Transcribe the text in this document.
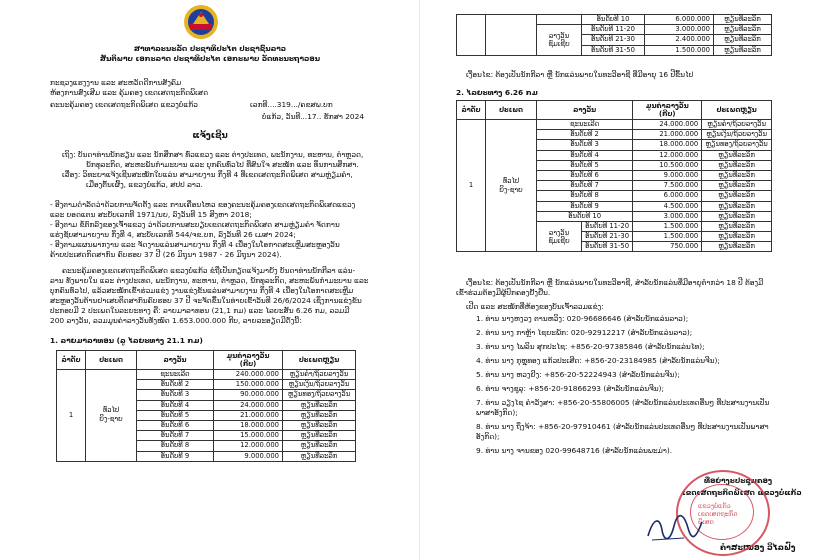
ສາທາລະນະລັດ ປະຊາທິປະໄຕ ປະຊາຊົນລາວ
ສັນຕິພາບ ເອກະລາດ ປະຊາທິປະໄຕ ເອກະພາບ ວັດທະນະຖາວອນ
ກະຊວງແຮງງານ ແລະ ສະຫວັດດີການສັງຄົມ
ຫ້ອງການສົ່ງເສີມ ແລະ ຄຸ້ມຄອງ ເຂດເສດຖະກິດພິເສດ
ຄະນະຄຸ້ມຄອງ ເຂດເສດຖະກິດພິເສດ ແຂວງບໍ່ແກ້ວ	ເລກທີ....319.../ຄຂສພ.ບກ
ບໍ່ແກ້ວ, ວັນທີ...17.. ຮັກສາ 2024
ແຈ້ງເຊີນ
ເຖິງ: ບັນດາທ່ານນັກຮຽນ ແລະ ນັກສຶກສາ ທົ່ວແຂວງ ແລະ ຕ່າງປະເທດ, ພະນັກງານ, ທະຫານ, ຕຳຫຼວດ,
ນັກທຸລະກິດ, ສະຫະພັນກຳມະບານ ແລະ ບຸກຄົນທົ່ວໄປ ທີ່ສົນໃຈ ສະໝັກ ແລະ ທຶນການສຶກສາ.
ເລື່ອງ: ວິທະຍາແຈ້ງເຊີນສະໝັກໃບແລ່ນ ສາມາຍງານ ກິ່ງທີ 4 ທີ່ເຂດເສດຖະກິດພິເສດ ສາມຫຼ່ຽມຄຳ,
ເມືອງຕົ້ນເຜິ້ງ, ແຂວງບໍ່ແກ້ວ, ສປປ ລາວ.
- ອີງຕາມດຳລັດວ່າດ້ວຍການຈັດຕັ້ງ ແລະ ການເຄື່ອນໄຫວ ຂອງຄະນະຄຸ້ມຄອງເຂດເສດຖະກິດພິເສດແຂວງ
ແລະ ບອດແຕນ ສະບັບເລກທີ 1971/ນຍ, ລົງວັນທີ 15 ສິງຫາ 2018;
- ອີງຕາມ ຂໍ້ຕົກລົງຂອງເຈົ້າແຂວງ ວ່າດ້ວຍການສະບຽບເຂດເສດຖະກິດພິເສດ ສາມຫຼ່ຽມຄຳ ຈັດການ
ແຮ່ງຊັບສາມາຍງານ ກິ່ງທີ 4, ສະບັບເລກທີ 544/ຈຂ.ບກ, ລົງວັນທີ 26 ເມສາ 2024;
- ອີງຕາມແຜນພາກງານ ແລະ ຈັດງານແລ່ນສາມາຍງານ ກິ່ງທີ 4 ເນື່ອງໃນໂອກາດສະເຫຼີມສະຫຼອງວັນ
ຄ້າຍປະເສດກິດສາກົນ ຄົບຮອບ 37 ປີ (26 ມິຖຸນາ 1987 - 26 ມິຖຸນາ 2024).
ຄະນະຄຸ້ມຄອງເຂດເສດຖະກິດພິເສດ ແຂວງບໍ່ແກ້ວ ຂໍຖືເປັນກຽດແຈ້ງມາຍັງ ບັນດາທ່ານນັກກີລາ ແລ່ນ-
ລານ ທັງພາຍໃນ ແລະ ຕ່າງປະເທດ, ພະນັກງານ, ທະຫານ, ຕຳຫຼວດ, ນັກທຸລະກິດ, ສະຫະພັນກຳມະບານ ແລະ
ບຸກຄົນທົ່ວໄປ, ແລ້ວສະໝັກເຂົ້າຮ່ວມແຂ່ງ ງານແຂ່ງຂັນແລ່ນສາມາຍງານ ກິ່ງທີ 4 ເນື່ອງໃນໂອກາດສະເຫຼີມ
ສະຫຼອງວັນຕ້ານຢາເສບຕິດສາກົນຄົບຮອບ 37 ປີ ຈະຈັດຂຶ້ນໃນທ່າຍເຂົ້າວັນທີ 26/6/2024 ເຊິ່ງການແຂ່ງຂັນ
ປະກອບມີ 2 ປະເພດໃນລະຍະທາງ ຄື: ລາຍມາລາທອນ (21,1 ກມ) ແລະ ໄລຍະສັ້ນ 6.26 ກມ, ລວມມີ
200 ລາງວັນ, ລວມມູນຄ່າລາງວັນທັງໝົດ 1.653.000.000 ກີບ, ລາຍລະອຽດມີດັ່ງນີ້:
1. ລາຍມາລາທອນ (ລູ ໄລຍະທາງ 21.1 ກມ)
ລຳດັບ	ປະເພດ	ລາງວັນ	ມູນຄ່າລາງວັນ
(ກີບ)	ປະເພດຫຼຽນ
1	ທົ່ວໄປ
ຍິງ-ຊາຍ	ຊະນະເລີດ	240.000.000	ຫຼຽນຄຳ/ຖ້ວຍລາງວັນ
		ອັນດັບທີ 2	150.000.000	ຫຼຽນເງິນ/ຖ້ວຍລາງວັນ
		ອັນດັບທີ 3	90.000.000	ຫຼຽນທອງ/ຖ້ວຍລາງວັນ
		ອັນດັບທີ 4	24.000.000	ຫຼຽນທີ່ລະລຶກ
		ອັນດັບທີ 5	21.000.000	ຫຼຽນທີ່ລະລຶກ
		ອັນດັບທີ 6	18.000.000	ຫຼຽນທີ່ລະລຶກ
		ອັນດັບທີ 7	15.000.000	ຫຼຽນທີ່ລະລຶກ
		ອັນດັບທີ 8	12.000.000	ຫຼຽນທີ່ລະລຶກ
		ອັນດັບທີ 9	9.000.000	ຫຼຽນທີ່ລະລຶກ
			ອັນດັບທີ 10	6.000.000	ຫຼຽນທີ່ລະລຶກ
		ລາງວັນ
ຊົມເຊີຍ	ອັນດັບທີ 11-20	3.000.000	ຫຼຽນທີ່ລະລຶກ
			ອັນດັບທີ 21-30	2.400.000	ຫຼຽນທີ່ລະລຶກ
			ອັນດັບທີ 31-50	1.500.000	ຫຼຽນທີ່ລະລຶກ
ເງື່ອນໄຂ: ຕ້ອງເປັນນັກກີລາ ຫຼື ນັກແລ່ນພາຍໃນທະວີອາຊີ ທີ່ມີອາຍຸ 16 ປີຂຶ້ນໄປ
2. ໄລຍະທາງ 6.26 ກມ
ລຳດັບ	ປະເພດ	ລາງວັນ		ມູນຄ່າລາງວັນ
(ກີບ)	ປະເພດຫຼຽນ
1	ທົ່ວໄປ
ຍິງ-ຊາຍ	ຊະນະເລີດ		24.000.000	ຫຼຽນຄຳ/ຖ້ວຍລາງວັນ
		ອັນດັບທີ 2		21.000.000	ຫຼຽນເງິນ/ຖ້ວຍລາງວັນ
		ອັນດັບທີ 3		18.000.000	ຫຼຽນທອງ/ຖ້ວຍລາງວັນ
		ອັນດັບທີ 4		12.000.000	ຫຼຽນທີ່ລະລຶກ
		ອັນດັບທີ 5		10.500.000	ຫຼຽນທີ່ລະລຶກ
		ອັນດັບທີ 6		9.000.000	ຫຼຽນທີ່ລະລຶກ
		ອັນດັບທີ 7		7.500.000	ຫຼຽນທີ່ລະລຶກ
		ອັນດັບທີ 8		6.000.000	ຫຼຽນທີ່ລະລຶກ
		ອັນດັບທີ 9		4.500.000	ຫຼຽນທີ່ລະລຶກ
		ອັນດັບທີ 10		3.000.000	ຫຼຽນທີ່ລະລຶກ
		ລາງວັນ
ຊົມເຊີຍ	ອັນດັບທີ 11-20	1.500.000	ຫຼຽນທີ່ລະລຶກ
			ອັນດັບທີ 21-30	1.500.000	ຫຼຽນທີ່ລະລຶກ
			ອັນດັບທີ 31-50	750.000	ຫຼຽນທີ່ລະລຶກ
ເງື່ອນໄຂ: ຕ້ອງເປັນນັກກີລາ ຫຼື ນັກແລ່ນພາຍໃນທະວີອາຊີ, ສຳລັບນັກແລ່ນທີ່ມີອາຍຸຕ່ຳກວ່າ 18 ປີ ຕ້ອງມີ
ເຂົ້າຮ່ວມຕ້ອງມີຜູ້ປົກຄອງຢັ້ງຢືນ.
ເປີດ ແລະ ສະໝັກທີ່ຫ້ອງຂອງບັນເຈົ້າລວມແຂ່ງ:
1. ທ່ານ ນາງຫງວງ ຕານຫວິງ: 020-96686646 (ສຳລັບນັກແລ່ນລາວ);
2. ທ່ານ ນາງ ກາຫຼ້າ ໄຊຍະພັກ: 020-92912217 (ສຳລັບນັກແລ່ນລາວ);
3. ທ່ານ ນາງ ໄພລິນ ສຸກປະໄຊ: +856-20-97385846 (ສຳລັບນັກແລ່ນໄທ);
4. ທ່ານ ນາງ ກຸຫຼຸທອງ ແກ້ວປະເສີດ: +856-20-23184985 (ສຳລັບນັກແລ່ນຈີນ);
5. ທ່ານ ນາງ ຫວງຢິງ: +856-20-52224943 (ສຳລັບນັກແລ່ນຈີນ);
6. ທ່ານ ຈາງຊຸລຸ: +856-20-91866293 (ສຳລັບນັກແລ່ນຈີນ);
7. ທ່ານ ວຽງໄຊ ຄຳວັງສາ: +856-20-55806005 (ສຳລັບນັກແລ່ນປະເທດອື່ນໆ ທີ່ປະສານງານເປັນ
ພາສາອັງກິດ);
8. ທ່ານ ນາງ ຖິ່ງຈ້າ: +856-20-97910461 (ສຳລັບນັກແລ່ນປະເທດອື່ນໆ ທີ່ປະສານງານເປັນພາສາ
ອັງກິດ);
9. ທ່ານ ນາງ ຈານຂອງ 020-99648716 (ສຳລັບນັກແລ່ນພະມ່າ).
ທີ່ອຍ່າງະປະຊຸມຄອງ
ເຂດເສດຖະກິດພິເສດ ແຂວງບໍ່ແກ້ວ
ຄໍາສະໜອງ ວິໄລຟົງ
ແຂວງບໍ່ແກ້ວ
ເຂດເສດຖະກິດ
ພິເສດ
